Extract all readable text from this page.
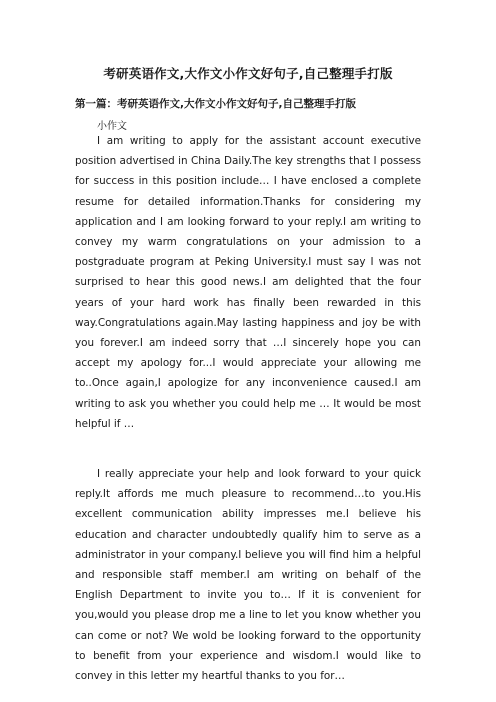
考研英语作文,大作文小作文好句子,自己整理手打版
第一篇：考研英语作文,大作文小作文好句子,自己整理手打版
小作文

I am writing to apply for the assistant account executive position advertised in China Daily.The key strengths that I possess for success in this position include… I have enclosed a complete resume for detailed information.Thanks for considering my application and I am looking forward to your reply.I am writing to convey my warm congratulations on your admission to a postgraduate program at Peking University.I must say I was not surprised to hear this good news.I am delighted that the four years of your hard work has finally been rewarded in this way.Congratulations again.May lasting happiness and joy be with you forever.I am indeed sorry that …I sincerely hope you can accept my apology for...I would appreciate your allowing me to..Once again,I apologize for any inconvenience caused.I am writing to ask you whether you could help me … It would be most helpful if …

I really appreciate your help and look forward to your quick reply.It affords me much pleasure to recommend…to you.His excellent communication ability impresses me.I believe his education and character undoubtedly qualify him to serve as a administrator in your company.I believe you will find him a helpful and responsible staff member.I am writing on behalf of the English Department to invite you to… If it is convenient for you,would you please drop me a line to let you know whether you can come or not? We wold be looking forward to the opportunity to benefit from your experience and wisdom.I would like to convey in this letter my heartful thanks to you for…
